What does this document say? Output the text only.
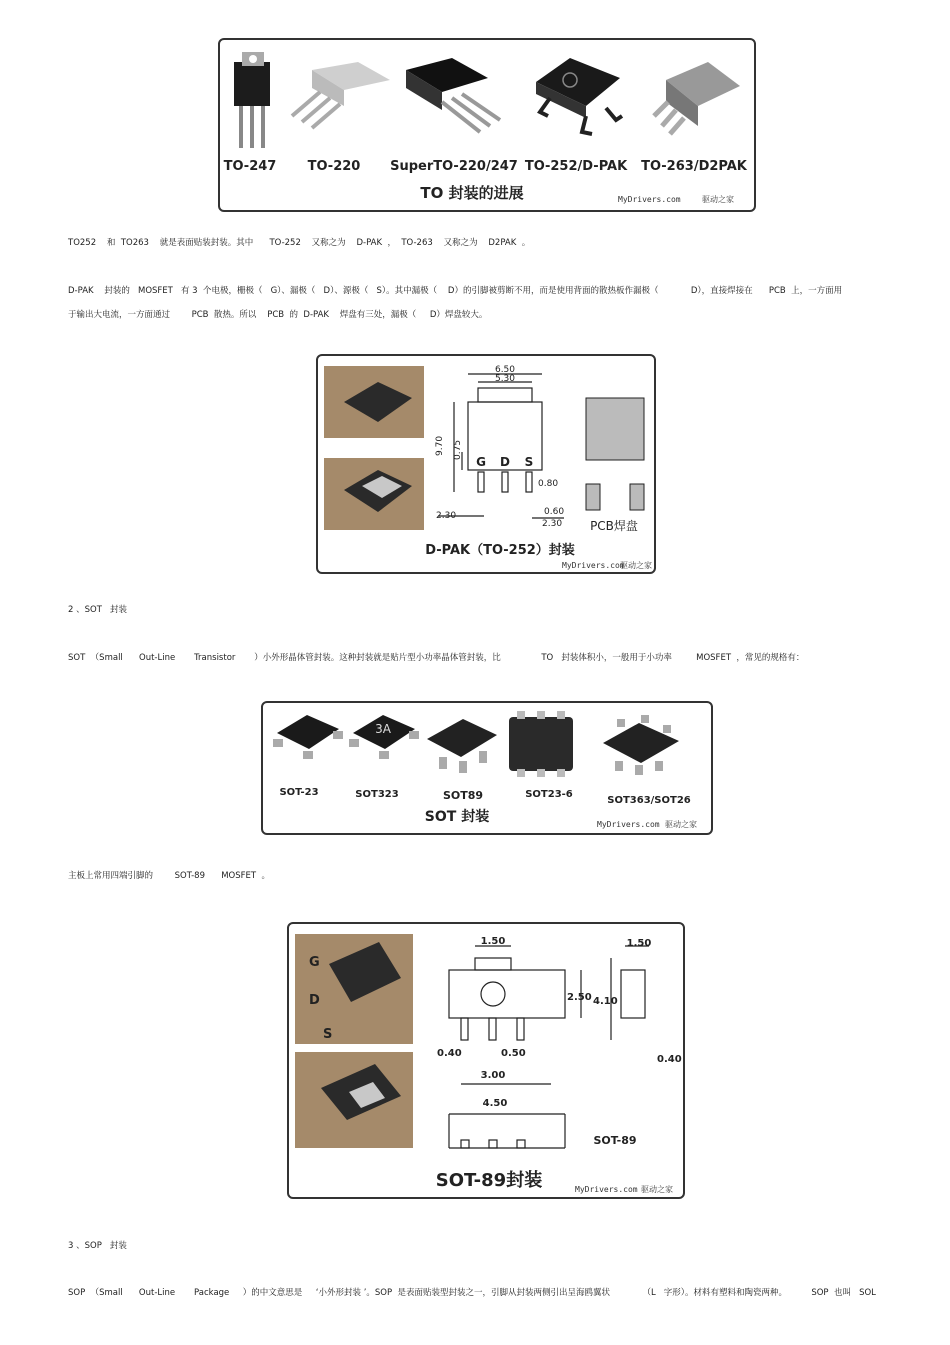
TO-247 TO-220 SuperTO-220/247 TO-252/D-PAK TO-263/D2PAK
TO 封装的进展	MyDrivers.com	驱动之家
TO252    和  TO263    就是表面贴装封装。其中      TO-252    又称之为    D-PAK  ，  TO-263    又称之为    D2PAK  。
D-PAK    封装的   MOSFET   有 3  个电极，栅极（   G）、漏极（   D）、源极（   S）。其中漏极（    D）的引脚被剪断不用，而是使用背面的散热板作漏极（            D），直接焊接在      PCB  上，一方面用
于输出大电流，一方面通过        PCB  散热。所以    PCB  的  D-PAK    焊盘有三处，漏极（     D）焊盘较大。
6.50
5.30
9.70 0.75
0.80
0.60
2.30
2.30
G D S
PCB焊盘
D-PAK（TO-252）封装
MyDrivers.com
驱动之家
2 、SOT   封装
SOT  （Small      Out-Line       Transistor       ）小外形晶体管封装。这种封装就是贴片型小功率晶体管封装，比               TO   封装体积小，一般用于小功率         MOSFET  ，常见的规格有：
3A
SOT-23	SOT323	SOT89	SOT23-6
SOT363/SOT26
SOT 封装	MyDrivers.com 驱动之家
主板上常用四端引脚的        SOT-89      MOSFET  。
G
D
S
1.50	1.50
2.50 4.10
0.40	0.50
3.00
0.40
4.50
SOT-89
SOT-89封装	MyDrivers.com 驱动之家
3 、SOP   封装
SOP  （Small      Out-Line       Package     ）的中文意思是     ‘小外形封装 ’。SOP  是表面贴装型封装之一，引脚从封装两侧引出呈海鸥翼状            （L   字形）。材料有塑料和陶瓷两种。         SOP  也叫   SOL
